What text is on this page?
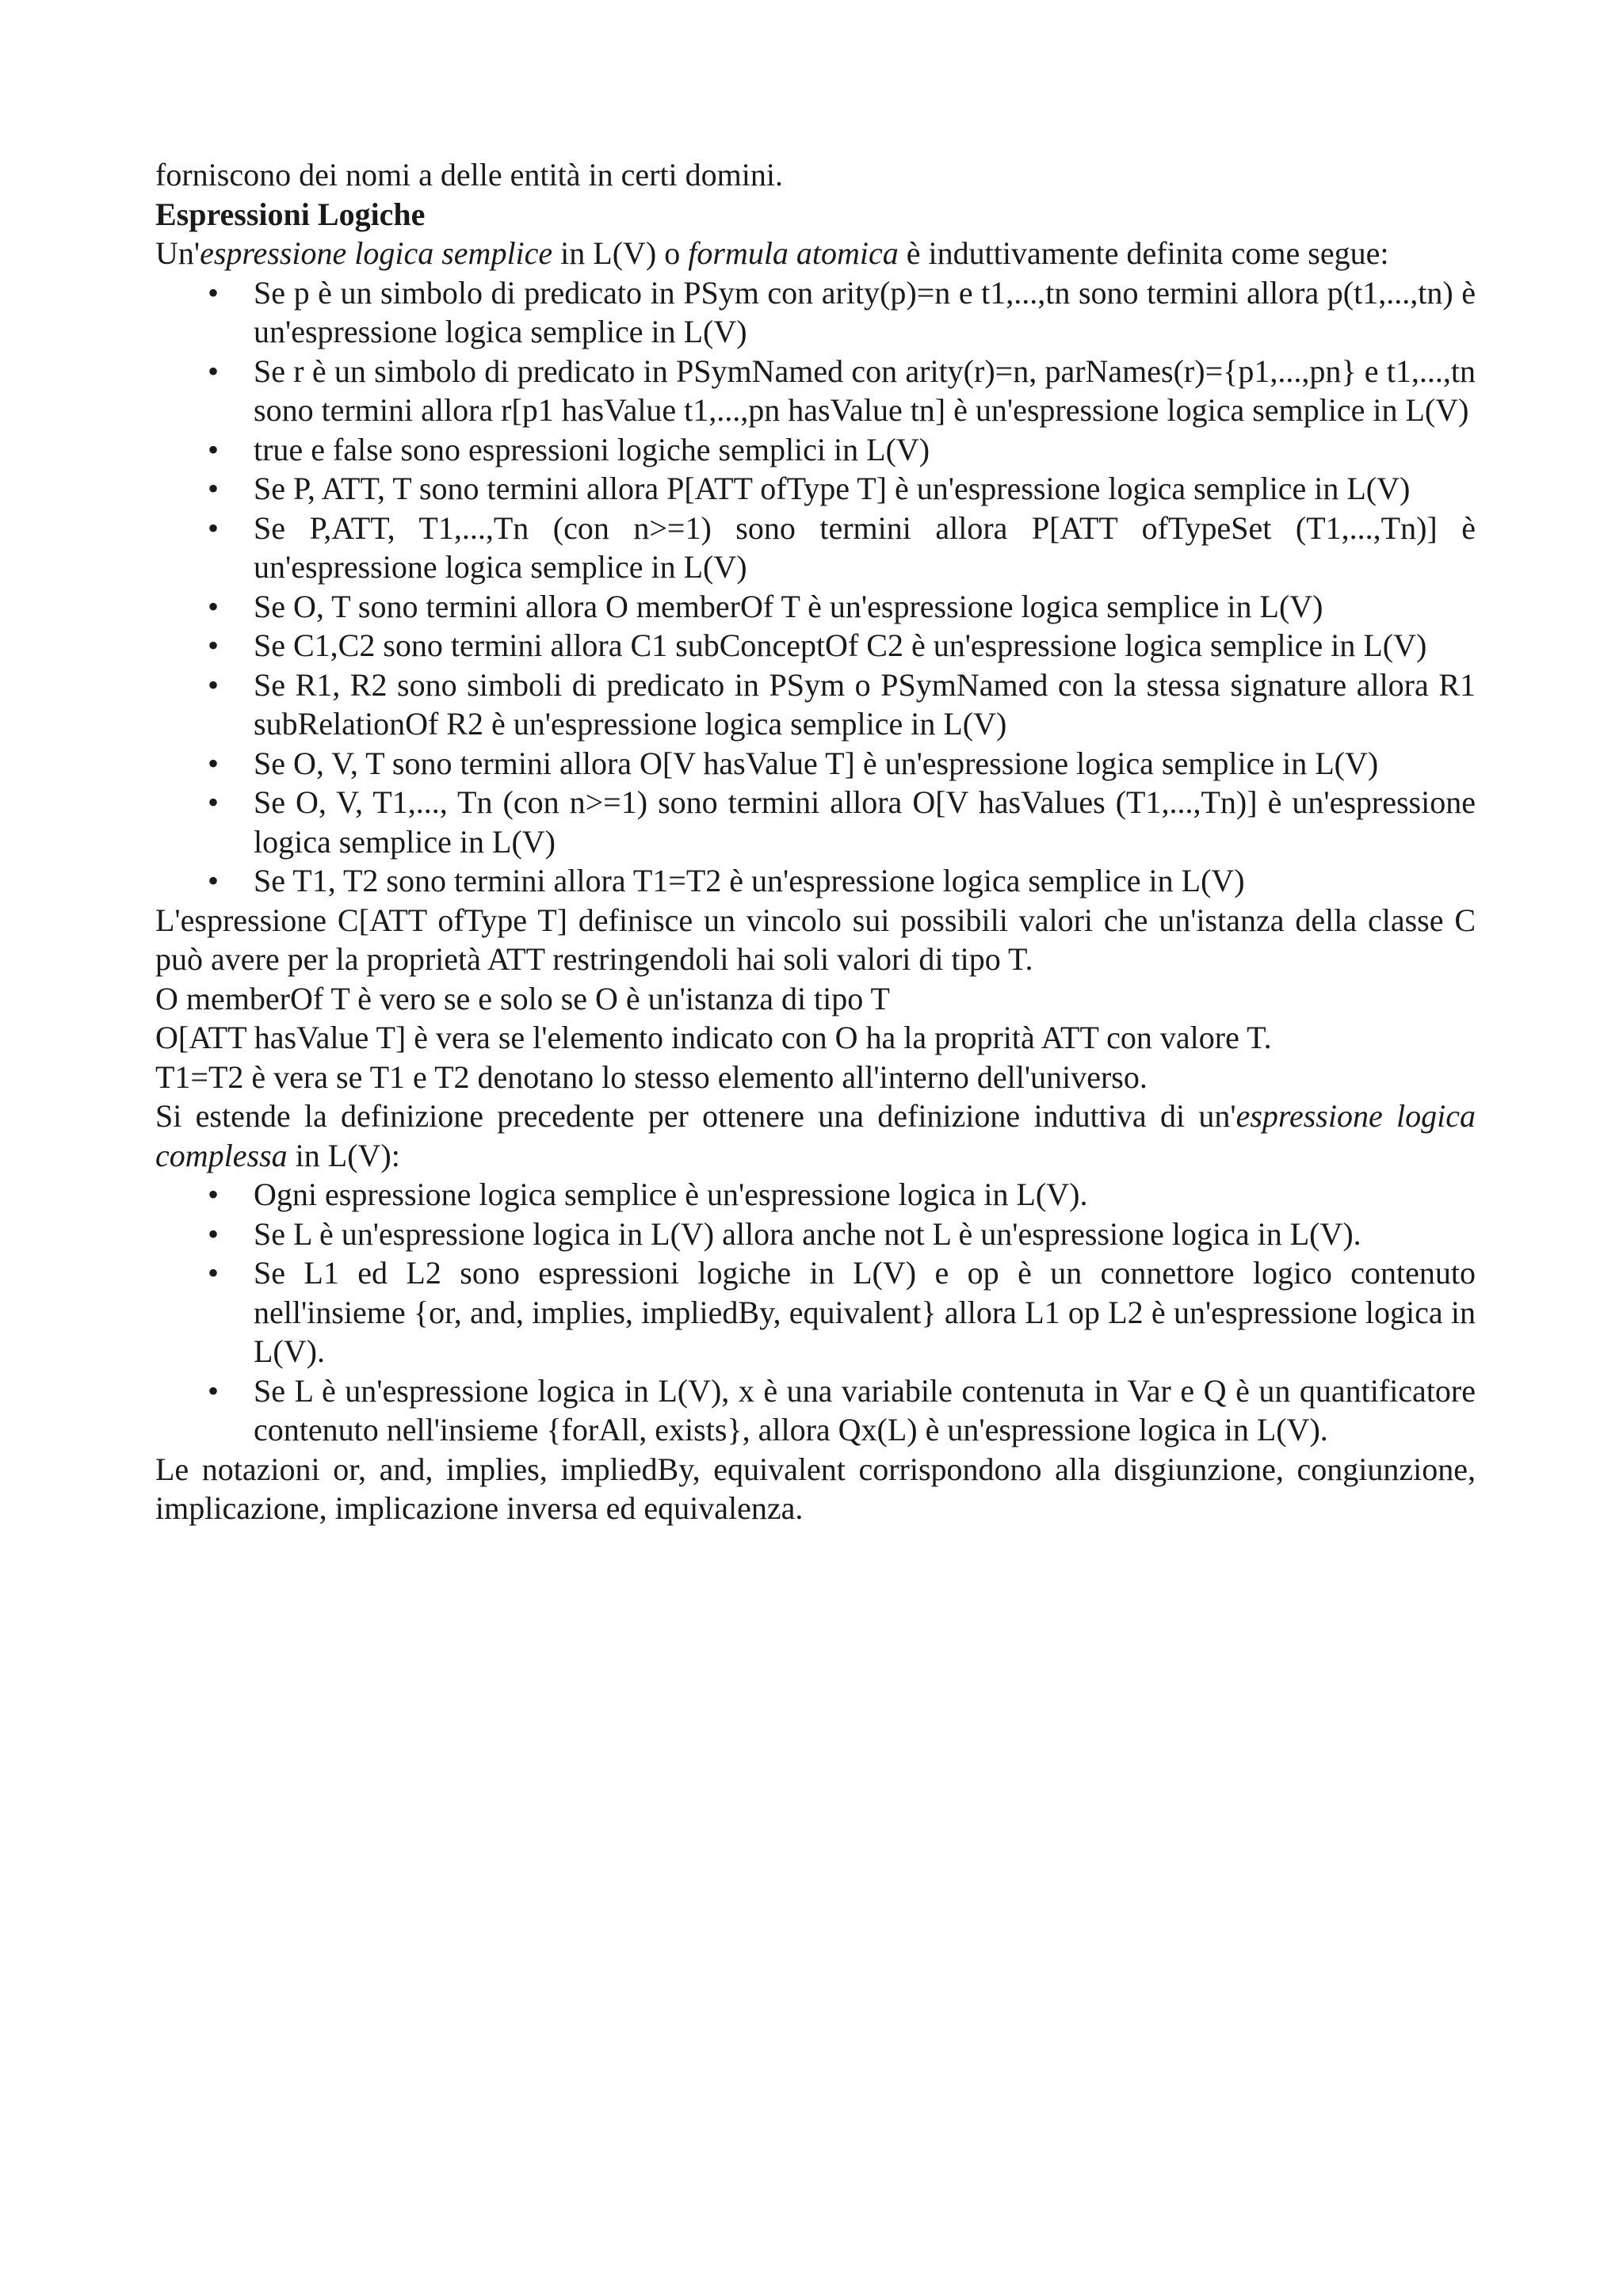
forniscono dei nomi a delle entità in certi domini.

Espressioni Logiche

Un'espressione logica semplice in L(V) o formula atomica è induttivamente definita come segue:

• Se p è un simbolo di predicato in PSym con arity(p)=n e t1,...,tn sono termini allora p(t1,...,tn) è un'espressione logica semplice in L(V)
• Se r è un simbolo di predicato in PSymNamed con arity(r)=n, parNames(r)={p1,...,pn} e t1,...,tn sono termini allora r[p1 hasValue t1,...,pn hasValue tn] è un'espressione logica semplice in L(V)
• true e false sono espressioni logiche semplici in L(V)
• Se P, ATT, T sono termini allora P[ATT ofType T] è un'espressione logica semplice in L(V)
• Se P,ATT, T1,...,Tn (con n>=1) sono termini allora P[ATT ofTypeSet (T1,...,Tn)] è un'espressione logica semplice in L(V)
• Se O, T sono termini allora O memberOf T è un'espressione logica semplice in L(V)
• Se C1,C2 sono termini allora C1 subConceptOf C2 è un'espressione logica semplice in L(V)
• Se R1, R2 sono simboli di predicato in PSym o PSymNamed con la stessa signature allora R1 subRelationOf R2 è un'espressione logica semplice in L(V)
• Se O, V, T sono termini allora O[V hasValue T] è un'espressione logica semplice in L(V)
• Se O, V, T1,..., Tn (con n>=1) sono termini allora O[V hasValues (T1,...,Tn)] è un'espressione logica semplice in L(V)
• Se T1, T2 sono termini allora T1=T2 è un'espressione logica semplice in L(V)

L'espressione C[ATT ofType T] definisce un vincolo sui possibili valori che un'istanza della classe C può avere per la proprietà ATT restringendoli hai soli valori di tipo T.

O memberOf T è vero se e solo se O è un'istanza di tipo T

O[ATT hasValue T] è vera se l'elemento indicato con O ha la proprità ATT con valore T.

T1=T2 è vera se T1 e T2 denotano lo stesso elemento all'interno dell'universo.

Si estende la definizione precedente per ottenere una definizione induttiva di un'espressione logica complessa in L(V):

• Ogni espressione logica semplice è un'espressione logica in L(V).
• Se L è un'espressione logica in L(V) allora anche not L è un'espressione logica in L(V).
• Se L1 ed L2 sono espressioni logiche in L(V) e op è un connettore logico contenuto nell'insieme {or, and, implies, impliedBy, equivalent} allora L1 op L2 è un'espressione logica in L(V).
• Se L è un'espressione logica in L(V), x è una variabile contenuta in Var e Q è un quantificatore contenuto nell'insieme {forAll, exists}, allora Qx(L) è un'espressione logica in L(V).

Le notazioni or, and, implies, impliedBy, equivalent corrispondono alla disgiunzione, congiunzione, implicazione, implicazione inversa ed equivalenza.
